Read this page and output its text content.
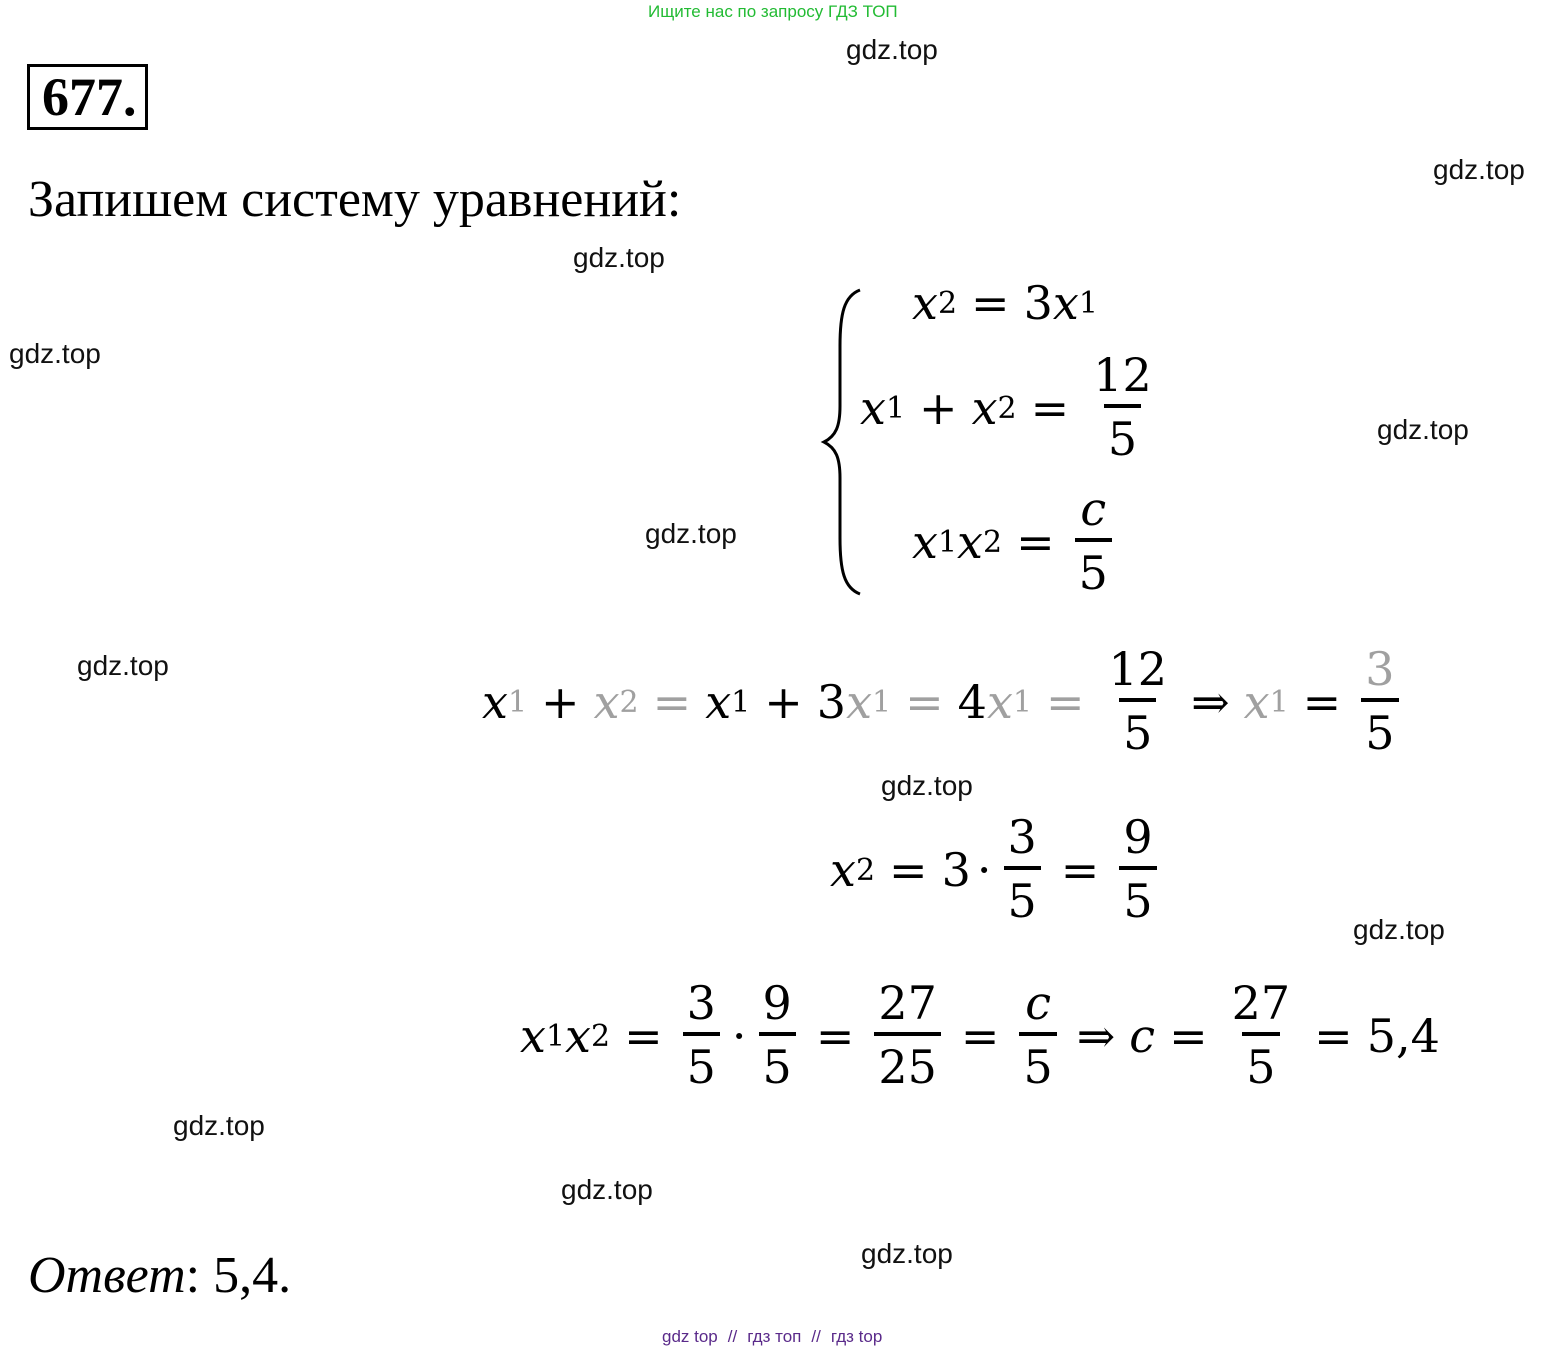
Ищите нас по запросу ГДЗ ТОП
677.
Запишем систему уравнений:
gdz.top
gdz.top
gdz.top
gdz.top
gdz.top
gdz.top
gdz.top
gdz.top
gdz.top
gdz.top
gdz.top
gdz.top
x 2 = 3 x 1
x 1 + x $2 = \frac{12}{5}$
x 1 x $2 = \frac{c}{5}$
x 1 + x 2 = x 1 + 3 x 1 = 4 x $1 = \frac{12}{5}$ ⇒ x $1 = \frac{3}{5}$
x $2 = 3 \cdot \frac{3}{5} = \frac{9}{5}$
x 1 x $2 = \frac{3}{5} \cdot \frac{9}{5} = \frac{27}{25} = \frac{c}{5}$ ⇒ $c = \frac{27}{5} = 5,4$
Ответ: 5,4.
gdz top // гдз топ // гдз top
